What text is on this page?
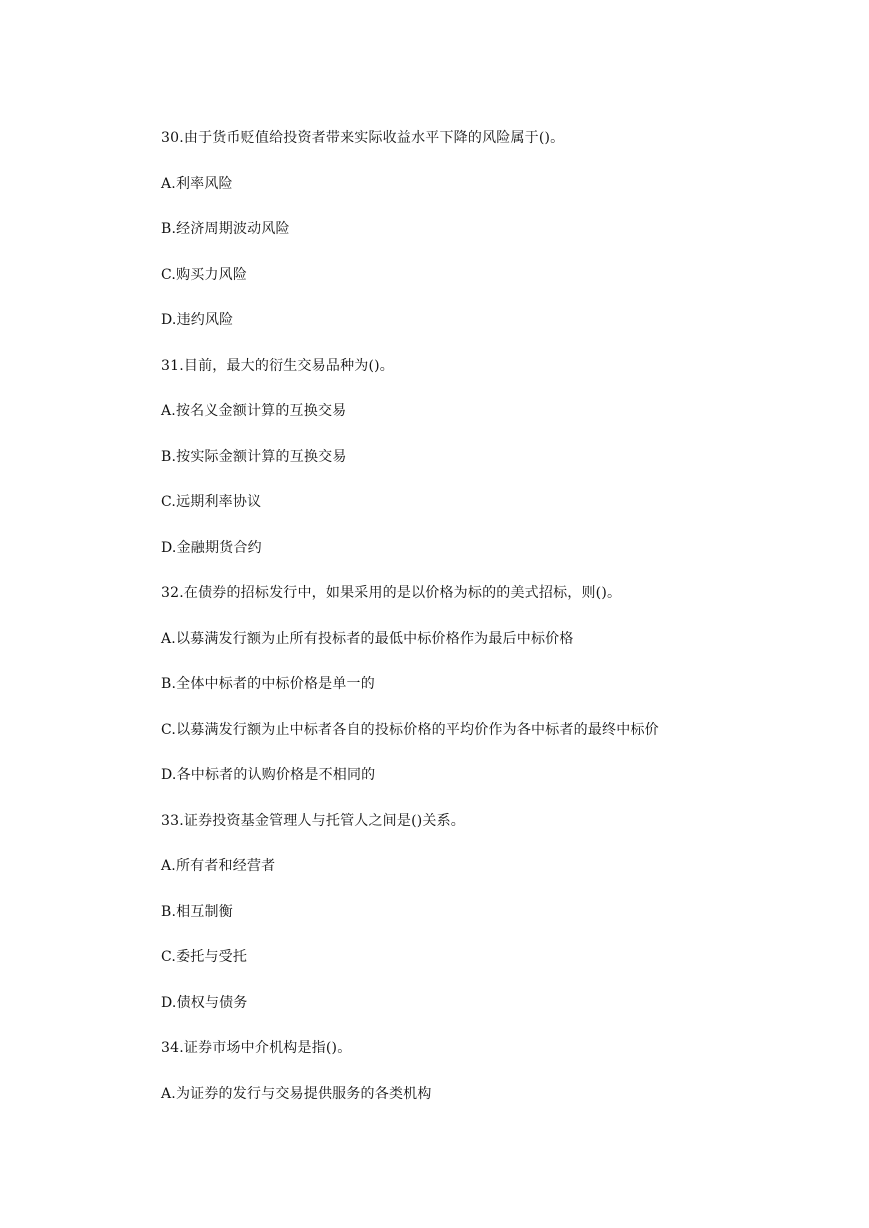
30.由于货币贬值给投资者带来实际收益水平下降的风险属于()。
A.利率风险
B.经济周期波动风险
C.购买力风险
D.违约风险
31.目前，最大的衍生交易品种为()。
A.按名义金额计算的互换交易
B.按实际金额计算的互换交易
C.远期利率协议
D.金融期货合约
32.在债券的招标发行中，如果采用的是以价格为标的的美式招标，则()。
A.以募满发行额为止所有投标者的最低中标价格作为最后中标价格
B.全体中标者的中标价格是单一的
C.以募满发行额为止中标者各自的投标价格的平均价作为各中标者的最终中标价
D.各中标者的认购价格是不相同的
33.证券投资基金管理人与托管人之间是()关系。
A.所有者和经营者
B.相互制衡
C.委托与受托
D.债权与债务
34.证券市场中介机构是指()。
A.为证券的发行与交易提供服务的各类机构
